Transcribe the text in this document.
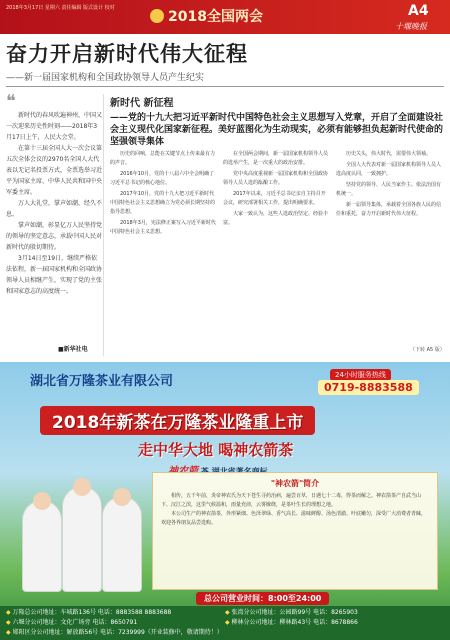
2018年3月17日 星期六 责任编辑 版式设计 校对
2018全国两会	A4
十堰晚报
奋力开启新时代伟大征程
——新一届国家机构和全国政协领导人员产生纪实
❝

新时代的春风吹遍神州，中国又一次迎来历史性时刻——2018年3月17日上午，人民大会堂。

在第十三届全国人大一次会议第五次全体会议的2970名全国人大代表以无记名投票方式，全票选举习近平为国家主席、中华人民共和国中央军委主席。

万人大礼堂，掌声如潮，经久不息。

掌声如潮，彰显亿万人民坚持党的领导的坚定意志，承载中国人民对新时代的殷切期待。

3月14日至19日，继续严格依法依程，新一届国家机构和全国政协领导人员相继产生，实现了党的主张和国家意志的高度统一。

■新华社电
新时代 新征程
——党的十九大把习近平新时代中国特色社会主义思想写入党章，开启了全面建设社会主义现代化国家新征程。美好蓝图化为生动现实，必须有能够担负起新时代使命的坚强领导集体

历史的回响，总能在关键节点上传来最有力的声音。

2016年10月，党的十八届六中全会明确了习近平总书记的核心地位。

2017年10月，党的十九大把习近平新时代中国特色社会主义思想确立为党必须长期坚持的指导思想。

2018年3月，宪法修正案写入习近平新时代中国特色社会主义思想。

在全国两会期间，新一届国家机构领导人员的选举产生，是一次重大的政治安排。

党中央高度重视新一届国家机构和全国政协领导人员人选的酝酿工作。

2017年以来，习近平总书记亲自主持召开会议，研究部署相关工作，提出明确要求。

大家一致认为，这些人选政治坚定、经验丰富。

历史关头，伟大时代，需要伟大领袖。

全国人大代表对新一届国家机构领导人员人选高度认同，一致拥护。

坚持党的领导、人民当家作主、依法治国有机统一。

新一届领导集体，承载着全国各族人民的信任和重托，奋力开启新时代伟大征程。

（下转 A5 版）
湖北省万隆茶业有限公司	24小时服务热线
0719-8883588
2018年新茶在万隆茶业隆重上市
走中华大地 喝神农箭茶
"神农箭"简介

相传，五千年前，炎帝神农氏为天下苍生寻药治病，遍尝百草，日遇七十二毒，得茶而解之。神农箭茶产自武当山下、汉江之滨，这里气候温和，雨量充沛，云雾缭绕，是茶叶生长的理想之地。

本公司生产的神农箭茶，外形紧细、色泽翠绿、香气高长、滋味鲜醇、汤色清澈、叶底嫩匀，深受广大消费者青睐，欢迎各界朋友品尝选购。

总公司营业时间：8:00至24:00
◆ 万隆总公司地址：车城路136号 电话：8883588 8883688	◆ 张湾分公司地址：公园路99号 电话：8265903
◆ 六堰分公司地址：文化广场旁 电话：8650791	◆ 柳林分公司地址：柳林路43号 电话：8678866
◆ 郧阳区分公司地址：解放路56号 电话：7239999（开业装修中，敬请期待！）
